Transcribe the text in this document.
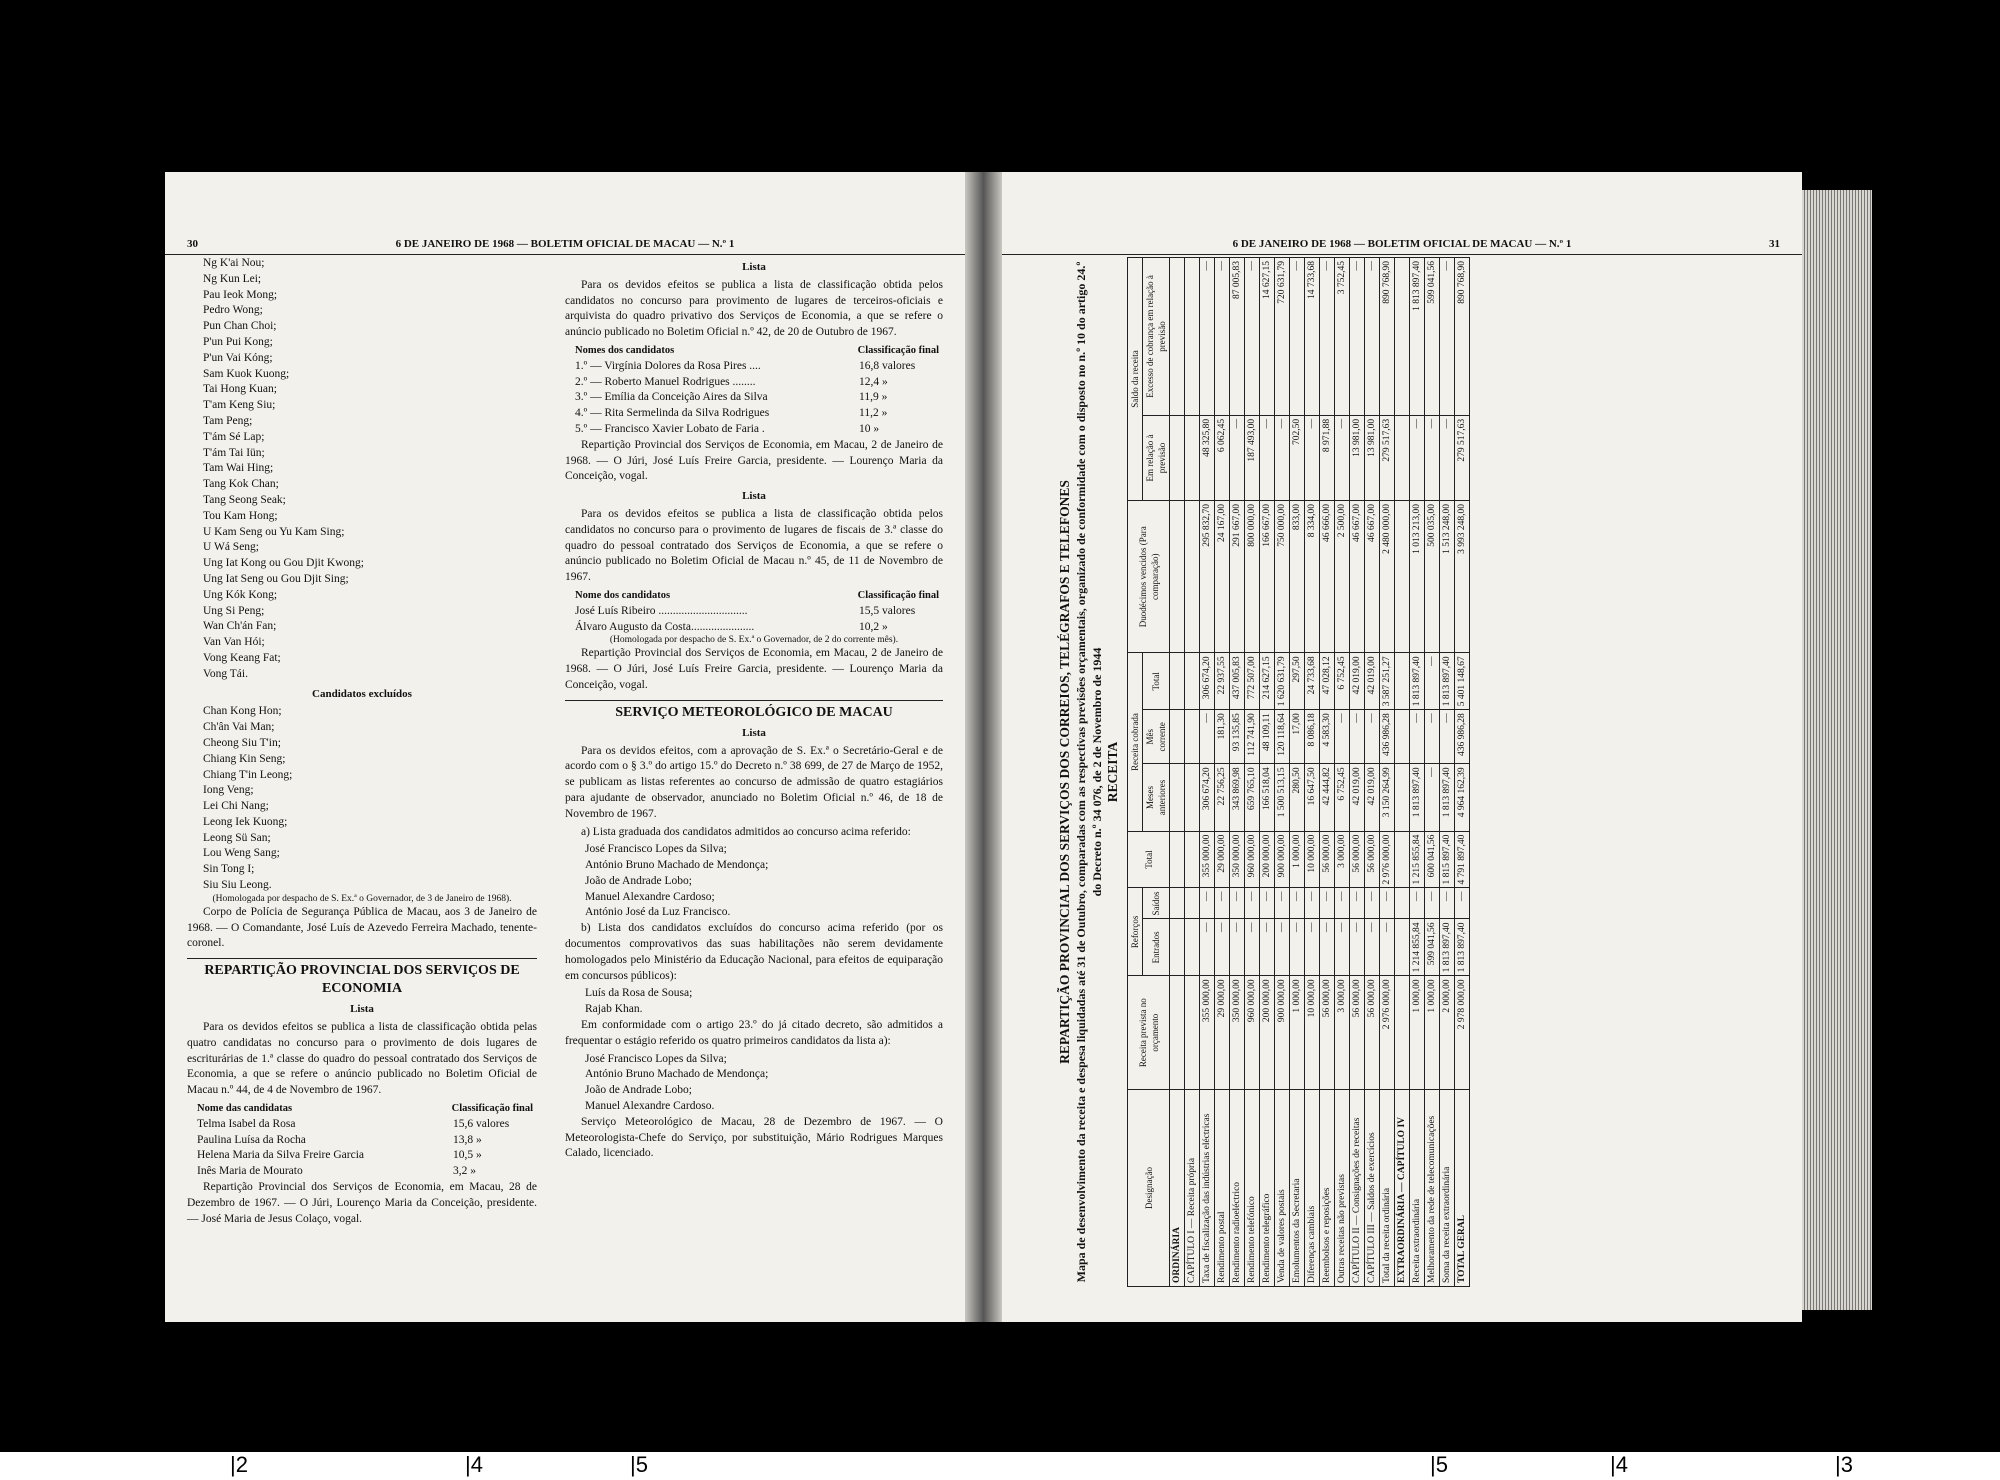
30	6 DE JANEIRO DE 1968 — BOLETIM OFICIAL DE MACAU — N.º 1
Ng K'ai Nou;
Ng Kun Lei;
Pau Ieok Mong;
Pedro Wong;
Pun Chan Choi;
P'un Pui Kong;
P'un Vai Kóng;
Sam Kuok Kuong;
Tai Hong Kuan;
T'am Keng Siu;
Tam Peng;
T'ám Sé Lap;
T'ám Tai Iün;
Tam Wai Hing;
Tang Kok Chan;
Tang Seong Seak;
Tou Kam Hong;
U Kam Seng ou Yu Kam Sing;
U Wá Seng;
Ung Iat Kong ou Gou Djit Kwong;
Ung Iat Seng ou Gou Djit Sing;
Ung Kók Kong;
Ung Si Peng;
Wan Ch'án Fan;
Van Van Hói;
Vong Keang Fat;
Vong Tái.
Candidatos excluídos
Chan Kong Hon;
Ch'ân Vai Man;
Cheong Siu T'in;
Chiang Kin Seng;
Chiang T'in Leong;
Iong Veng;
Lei Chi Nang;
Leong Iek Kuong;
Leong Sü San;
Lou Weng Sang;
Sin Tong I;
Siu Siu Leong.
(Homologada por despacho de S. Ex.ª o Governador, de 3 de Janeiro de 1968).

Corpo de Polícia de Segurança Pública de Macau, aos 3 de Janeiro de 1968. — O Comandante, José Luís de Azevedo Ferreira Machado, tenente-coronel.

REPARTIÇÃO PROVINCIAL DOS SERVIÇOS DE ECONOMIA
Lista

Para os devidos efeitos se publica a lista de classificação obtida pelas quatro candidatas no concurso para o provimento de dois lugares de escriturárias de 1.ª classe do quadro do pessoal contratado dos Serviços de Economia, a que se refere o anúncio publicado no Boletim Oficial de Macau n.º 44, de 4 de Novembro de 1967.

Nome das candidatas	Classificação final
Telma Isabel da Rosa	15,6 valores
Paulina Luísa da Rocha	13,8 »
Helena Maria da Silva Freire Garcia	10,5 »
Inês Maria de Mourato	3,2 »

Repartição Provincial dos Serviços de Economia, em Macau, 28 de Dezembro de 1967. — O Júri, Lourenço Maria da Conceição, presidente. — José Maria de Jesus Colaço, vogal.

Lista

Para os devidos efeitos se publica a lista de classificação obtida pelos candidatos no concurso para provimento de lugares de terceiros-oficiais e arquivista do quadro privativo dos Serviços de Economia, a que se refere o anúncio publicado no Boletim Oficial n.º 42, de 20 de Outubro de 1967.

Nomes dos candidatos	Classificação final
1.º — Virgínia Dolores da Rosa Pires ....	16,8 valores
2.º — Roberto Manuel Rodrigues ........	12,4 »
3.º — Emília da Conceição Aires da Silva	11,9 »
4.º — Rita Sermelinda da Silva Rodrigues	11,2 »
5.º — Francisco Xavier Lobato de Faria .	10 »

Repartição Provincial dos Serviços de Economia, em Macau, 2 de Janeiro de 1968. — O Júri, José Luís Freire Garcia, presidente. — Lourenço Maria da Conceição, vogal.

Lista

Para os devidos efeitos se publica a lista de classificação obtida pelos candidatos no concurso para o provimento de lugares de fiscais de 3.ª classe do quadro do pessoal contratado dos Serviços de Economia, a que se refere o anúncio publicado no Boletim Oficial de Macau n.º 45, de 11 de Novembro de 1967.

Nome dos candidatos	Classificação final
José Luís Ribeiro ...............................	15,5 valores
Álvaro Augusto da Costa......................	10,2 »
(Homologada por despacho de S. Ex.ª o Governador, de 2 do corrente mês).

Repartição Provincial dos Serviços de Economia, em Macau, 2 de Janeiro de 1968. — O Júri, José Luís Freire Garcia, presidente. — Lourenço Maria da Conceição, vogal.

SERVIÇO METEOROLÓGICO DE MACAU
Lista

Para os devidos efeitos, com a aprovação de S. Ex.ª o Secretário-Geral e de acordo com o § 3.º do artigo 15.º do Decreto n.º 38 699, de 27 de Março de 1952, se publicam as listas referentes ao concurso de admissão de quatro estagiários para ajudante de observador, anunciado no Boletim Oficial n.º 46, de 18 de Novembro de 1967.

a) Lista graduada dos candidatos admitidos ao concurso acima referido:

José Francisco Lopes da Silva;
António Bruno Machado de Mendonça;
João de Andrade Lobo;
Manuel Alexandre Cardoso;
António José da Luz Francisco.

b) Lista dos candidatos excluídos do concurso acima referido (por os documentos comprovativos das suas habilitações não serem devidamente homologados pelo Ministério da Educação Nacional, para efeitos de equiparação em concursos públicos):

Luís da Rosa de Sousa;
Rajab Khan.

Em conformidade com o artigo 23.º do já citado decreto, são admitidos a frequentar o estágio referido os quatro primeiros candidatos da lista a):

José Francisco Lopes da Silva;
António Bruno Machado de Mendonça;
João de Andrade Lobo;
Manuel Alexandre Cardoso.

Serviço Meteorológico de Macau, 28 de Dezembro de 1967. — O Meteorologista-Chefe do Serviço, por substituição, Mário Rodrigues Marques Calado, licenciado.

6 DE JANEIRO DE 1968 — BOLETIM OFICIAL DE MACAU — N.º 1	31
REPARTIÇÃO PROVINCIAL DOS SERVIÇOS DOS CORREIOS, TELÉGRAFOS E TELEFONES Mapa de desenvolvimento da receita e despesa liquidadas até 31 de Outubro, comparadas com as respectivas previsões orçamentais, organizado de conformidade com o disposto no n.º 10 do artigo 24.º do Decreto n.º 34 076, de 2 de Novembro de 1944 RECEITA
Designação	Receita prevista no orçamento	Reforços		Total	Receita cobrada			Duodécimos vencidos (Para comparação)	Saldo da receita	
		Entrados	Saídos		Meses anteriores	Mês corrente	Total		Em relação à previsão	Excesso de cobrança em relação à previsão
ORDINÁRIA										
CAPÍTULO I — Receita própria										
Taxa de fiscalização das indústrias eléctricas	355 000,00	—	—	355 000,00	306 674,20	—	306 674,20	295 832,70	48 325,80	—
Rendimento postal	29 000,00	—	—	29 000,00	22 756,25	181,30	22 937,55	24 167,00	6 062,45	—
Rendimento radioeléctrico	350 000,00	—	—	350 000,00	343 869,98	93 135,85	437 005,83	291 667,00	—	87 005,83
Rendimento telefónico	960 000,00	—	—	960 000,00	659 765,10	112 741,90	772 507,00	800 000,00	187 493,00	—
Rendimento telegráfico	200 000,00	—	—	200 000,00	166 518,04	48 109,11	214 627,15	166 667,00	—	14 627,15
Venda de valores postais	900 000,00	—	—	900 000,00	1 500 513,15	120 118,64	1 620 631,79	750 000,00	—	720 631,79
Emolumentos da Secretaria	1 000,00	—	—	1 000,00	280,50	17,00	297,50	833,00	702,50	—
Diferenças cambiais	10 000,00	—	—	10 000,00	16 647,50	8 086,18	24 733,68	8 334,00	—	14 733,68
Reembolsos e reposições	56 000,00	—	—	56 000,00	42 444,82	4 583,30	47 028,12	46 666,00	8 971,88	—
Outras receitas não previstas	3 000,00	—	—	3 000,00	6 752,45	—	6 752,45	2 500,00	—	3 752,45
CAPÍTULO II — Consignações de receitas	56 000,00	—	—	56 000,00	42 019,00	—	42 019,00	46 667,00	13 981,00	—
CAPÍTULO III — Saldos de exercícios	56 000,00	—	—	56 000,00	42 019,00	—	42 019,00	46 667,00	13 981,00	—
Total da receita ordinária	2 976 000,00	—	—	2 976 000,00	3 150 264,99	436 986,28	3 587 251,27	2 480 000,00	279 517,63	890 768,90
EXTRAORDINÁRIA — CAPÍTULO IV										
Receita extraordinária	1 000,00	1 214 855,84	—	1 215 855,84	1 813 897,40	—	1 813 897,40	1 013 213,00	—	1 813 897,40
Melhoramento da rede de telecomunicações	1 000,00	599 041,56	—	600 041,56	—	—	—	500 035,00	—	599 041,56
Soma da receita extraordinária	2 000,00	1 813 897,40	—	1 815 897,40	1 813 897,40	—	1 813 897,40	1 513 248,00	—	—
TOTAL GERAL	2 978 000,00	1 813 897,40	—	4 791 897,40	4 964 162,39	436 986,28	5 401 148,67	3 993 248,00	279 517,63	890 768,90
|2	|4	|5	|5	|4	|3
